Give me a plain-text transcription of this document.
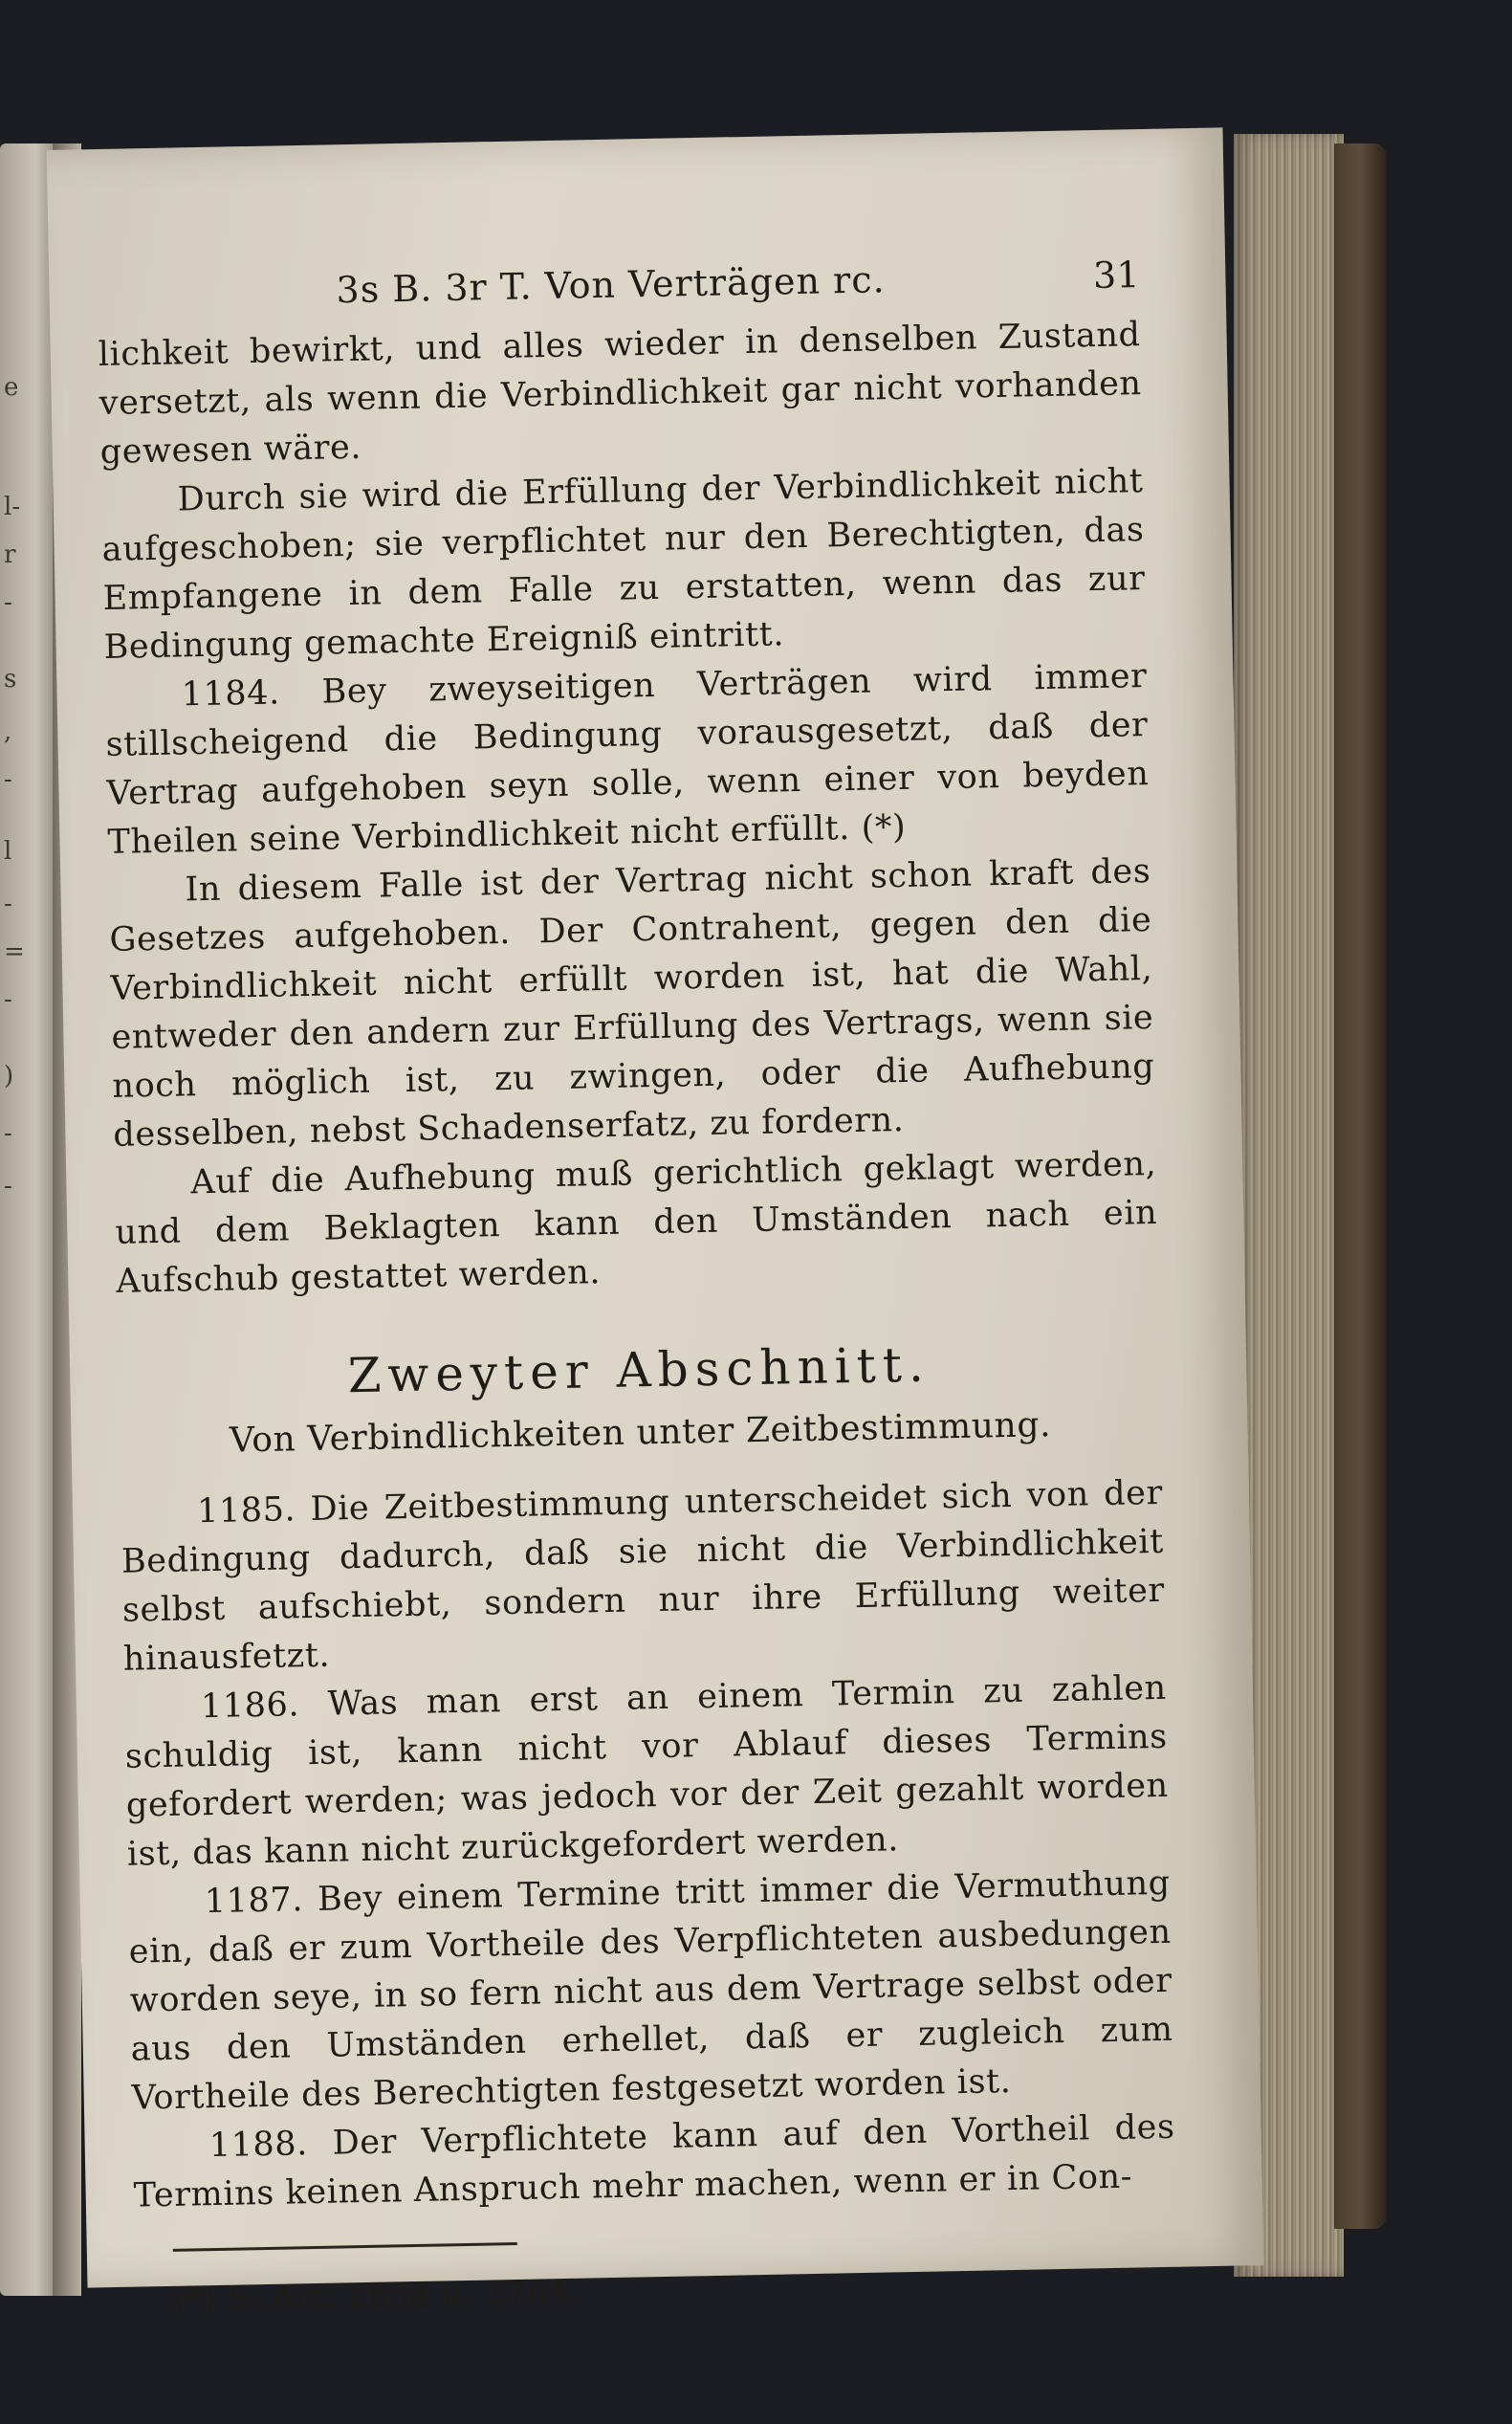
e
l-
r
-
s
,
-
l
-
=
-
)
-
-
3s B. 3r T. Von Verträgen rc.	31

lichkeit bewirkt, und alles wieder in denselben Zustand versetzt, als wenn die Verbindlichkeit gar nicht vorhanden gewesen wäre.

Durch sie wird die Erfüllung der Verbindlichkeit nicht aufgeschoben; sie verpflichtet nur den Berechtigten, das Empfangene in dem Falle zu erstatten, wenn das zur Bedingung gemachte Ereigniß eintritt.

1184. Bey zweyseitigen Verträgen wird immer stillscheigend die Bedingung vorausgesetzt, daß der Vertrag aufgehoben seyn solle, wenn einer von beyden Theilen seine Verbindlichkeit nicht erfüllt. (*)

In diesem Falle ist der Vertrag nicht schon kraft des Gesetzes aufgehoben. Der Contrahent, gegen den die Verbindlichkeit nicht erfüllt worden ist, hat die Wahl, entweder den andern zur Erfüllung des Vertrags, wenn sie noch möglich ist, zu zwingen, oder die Aufhebung desselben, nebst Schadenserfatz, zu fordern.

Auf die Aufhebung muß gerichtlich geklagt werden, und dem Beklagten kann den Umständen nach ein Aufschub gestattet werden.

Zweyter Abschnitt.
Von Verbindlichkeiten unter Zeitbestimmung.

1185. Die Zeitbestimmung unterscheidet sich von der Bedingung dadurch, daß sie nicht die Verbindlichkeit selbst aufschiebt, sondern nur ihre Erfüllung weiter hinausfetzt.

1186. Was man erst an einem Termin zu zahlen schuldig ist, kann nicht vor Ablauf dieses Termins gefordert werden; was jedoch vor der Zeit gezahlt worden ist, das kann nicht zurückgefordert werden.

1187. Bey einem Termine tritt immer die Vermuthung ein, daß er zum Vortheile des Verpflichteten ausbedungen worden seye, in so fern nicht aus dem Vertrage selbst oder aus den Umständen erhellet, daß er zugleich zum Vortheile des Berechtigten festgesetzt worden ist.

1188. Der Verpflichtete kann auf den Vortheil des Termins keinen Anspruch mehr machen, wenn er in Con-

(*) S. Art. 1654 u. 1764.
